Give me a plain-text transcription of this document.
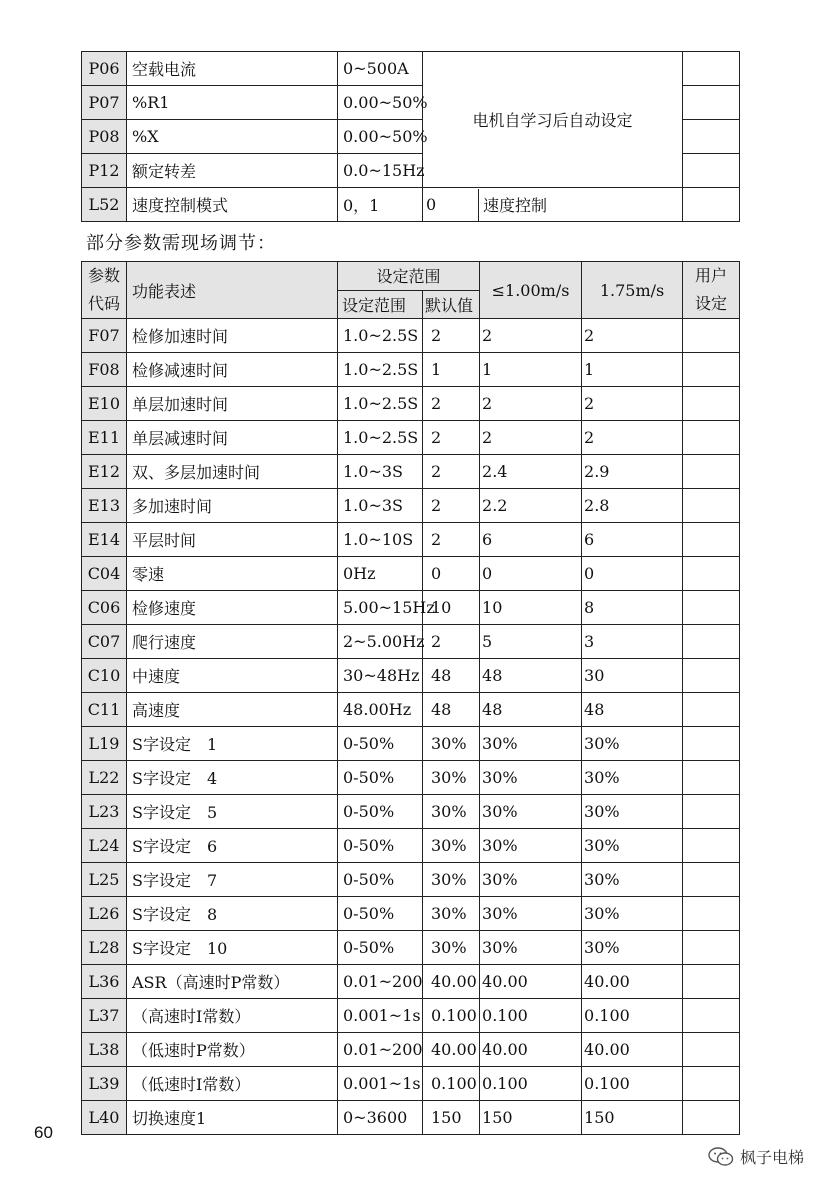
P06	空载电流	0~500A	电机自学习后自动设定	
P07	%R1	0.00~50%		
P08	%X	0.00~50%		
P12	额定转差	0.0~15Hz		
L52	速度控制模式	0，1	0 速度控制	

部分参数需现场调节：
参数
代码	功能表述	设定范围		≤1.00m/s	1.75m/s	用户
设定

		设定范围	默认值			
F07	检修加速时间	1.0~2.5S	2	2	2	
F08	检修减速时间	1.0~2.5S	1	1	1	
E10	单层加速时间	1.0~2.5S	2	2	2	
E11	单层减速时间	1.0~2.5S	2	2	2	
E12	双、多层加速时间	1.0~3S	2	2.4	2.9	
E13	多加速时间	1.0~3S	2	2.2	2.8	
E14	平层时间	1.0~10S	2	6	6	
C04	零速	0Hz	0	0	0	
C06	检修速度	5.00~15Hz	10	10	8	
C07	爬行速度	2~5.00Hz	2	5	3	
C10	中速度	30~48Hz	48	48	30	
C11	高速度	48.00Hz	48	48	48	
L19	S字设定　1	0-50%	30%	30%	30%	
L22	S字设定　4	0-50%	30%	30%	30%	
L23	S字设定　5	0-50%	30%	30%	30%	
L24	S字设定　6	0-50%	30%	30%	30%	
L25	S字设定　7	0-50%	30%	30%	30%	
L26	S字设定　8	0-50%	30%	30%	30%	
L28	S字设定　10	0-50%	30%	30%	30%	
L36	ASR（高速时P常数）	0.01~200	40.00	40.00	40.00	
L37	（高速时I常数）	0.001~1s	0.100	0.100	0.100	
L38	（低速时P常数）	0.01~200	40.00	40.00	40.00	
L39	（低速时I常数）	0.001~1s	0.100	0.100	0.100	
L40	切换速度1	0~3600	150	150	150	
60
枫子电梯
